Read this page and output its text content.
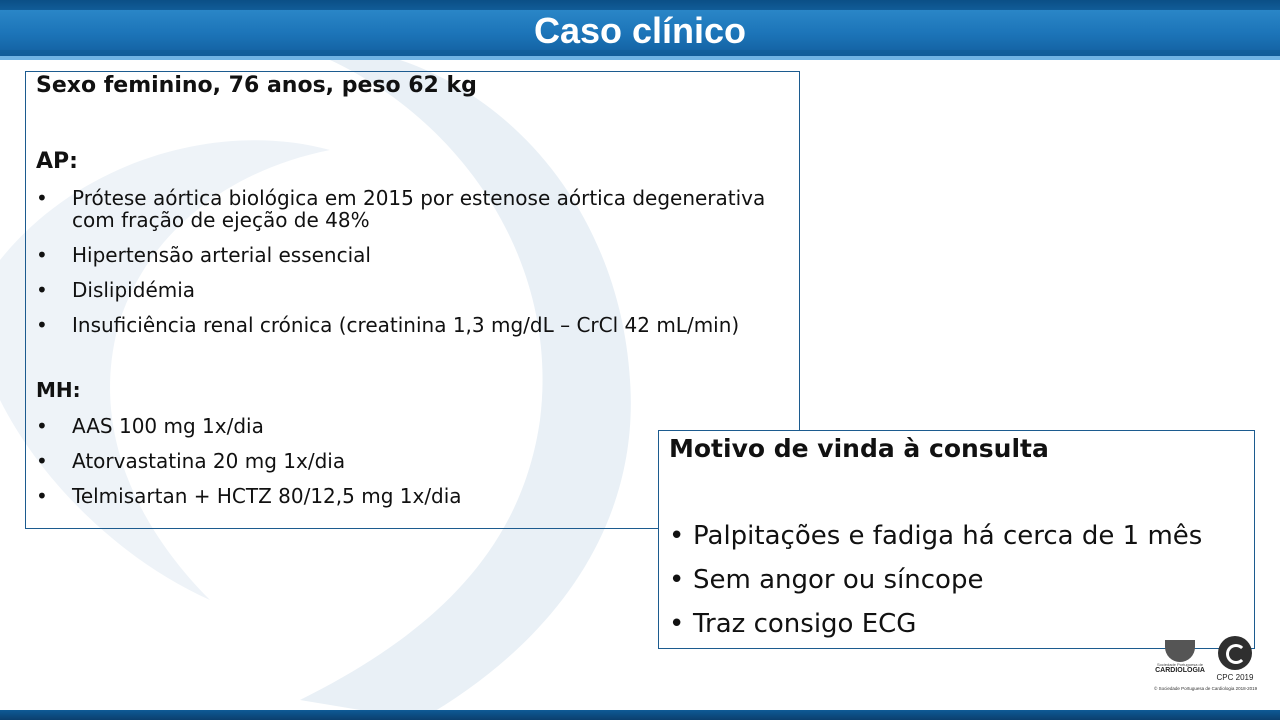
Caso clínico

Sexo feminino, 76 anos, peso 62 kg

AP:

•	Prótese aórtica biológica em 2015 por estenose aórtica degenerativa com fração de ejeção de 48%
•	Hipertensão arterial essencial
•	Dislipidémia
•	Insuficiência renal crónica (creatinina 1,3 mg/dL – CrCl 42 mL/min)

MH:

•	AAS 100 mg 1x/dia
•	Atorvastatina 20 mg 1x/dia
•	Telmisartan + HCTZ 80/12,5 mg 1x/dia

Motivo de vinda à consulta

• Palpitações e fadiga há cerca de 1 mês
• Sem angor ou síncope
• Traz consigo ECG
Sociedade Portuguesa de
CARDIOLOGIA
CPC 2019
© Sociedade Portuguesa de Cardiologia 2018-2019
